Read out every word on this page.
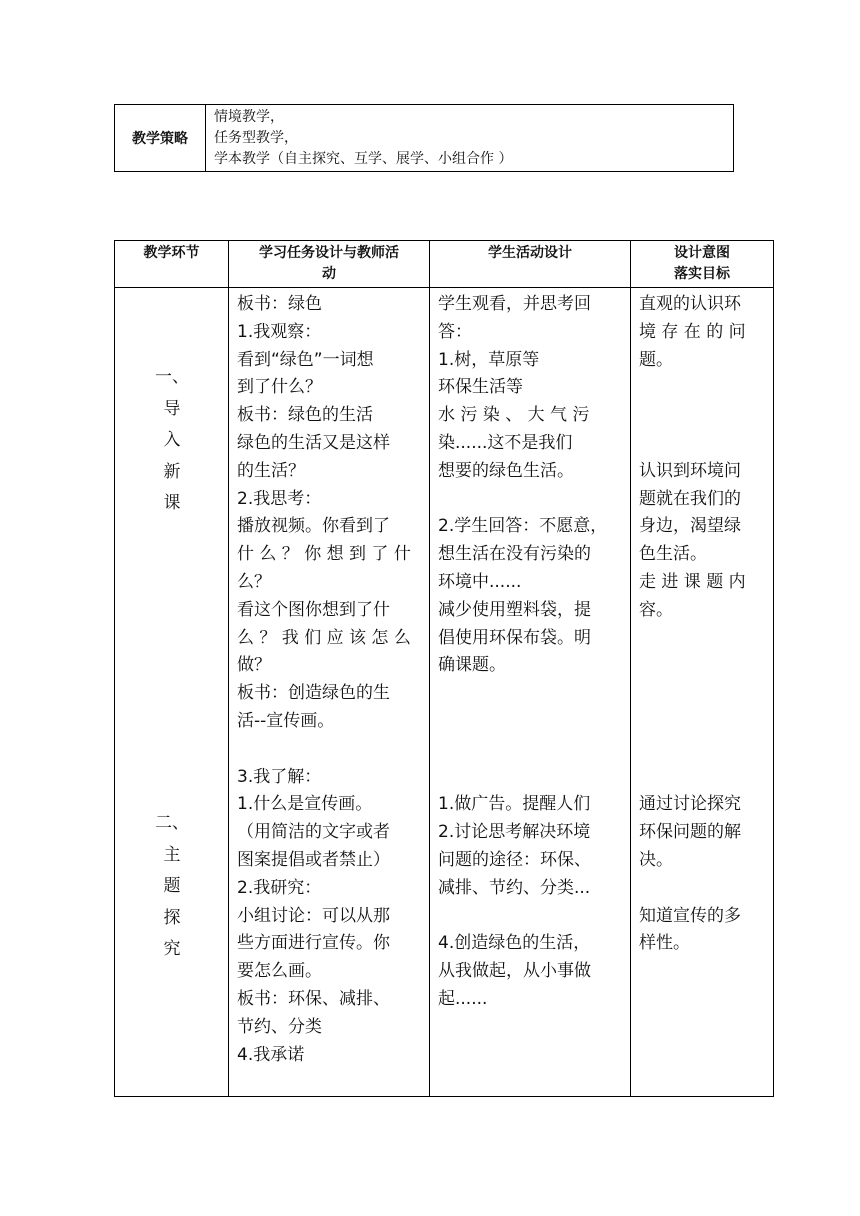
教学策略
情境教学，
任务型教学，
学本教学（自主探究、互学、展学、小组合作 ）
教学环节	学习任务设计与教师活
动
学生活动设计	设计意图
落实目标
一、
导
入
新
课
二、
主
题
探
究
板书：绿色
1.我观察：
看到“绿色”一词想
到了什么？
板书：绿色的生活
绿色的生活又是这样
的生活？
2.我思考：
播放视频。你看到了
什 么 ？ 你 想 到 了 什
么？
看这个图你想到了什
么 ？ 我 们 应 该 怎 么
做？
板书：创造绿色的生
活--宣传画。
3.我了解：
1.什么是宣传画。
（用简洁的文字或者
图案提倡或者禁止）
2.我研究：
小组讨论：可以从那
些方面进行宣传。你
要怎么画。
板书：环保、减排、
节约、分类
4.我承诺
学生观看，并思考回
答：
1.树，草原等
环保生活等
水 污 染 、 大 气 污
染......这不是我们
想要的绿色生活。
2.学生回答：不愿意，
想生活在没有污染的
环境中......
减少使用塑料袋，提
倡使用环保布袋。明
确课题。
1.做广告。提醒人们
2.讨论思考解决环境
问题的途径：环保、
减排、节约、分类...
4.创造绿色的生活，
从我做起，从小事做
起......
直观的认识环
境 存 在 的 问
题。
认识到环境问
题就在我们的
身边，渴望绿
色生活。
走 进 课 题 内
容。
通过讨论探究
环保问题的解
决。
知道宣传的多
样性。
